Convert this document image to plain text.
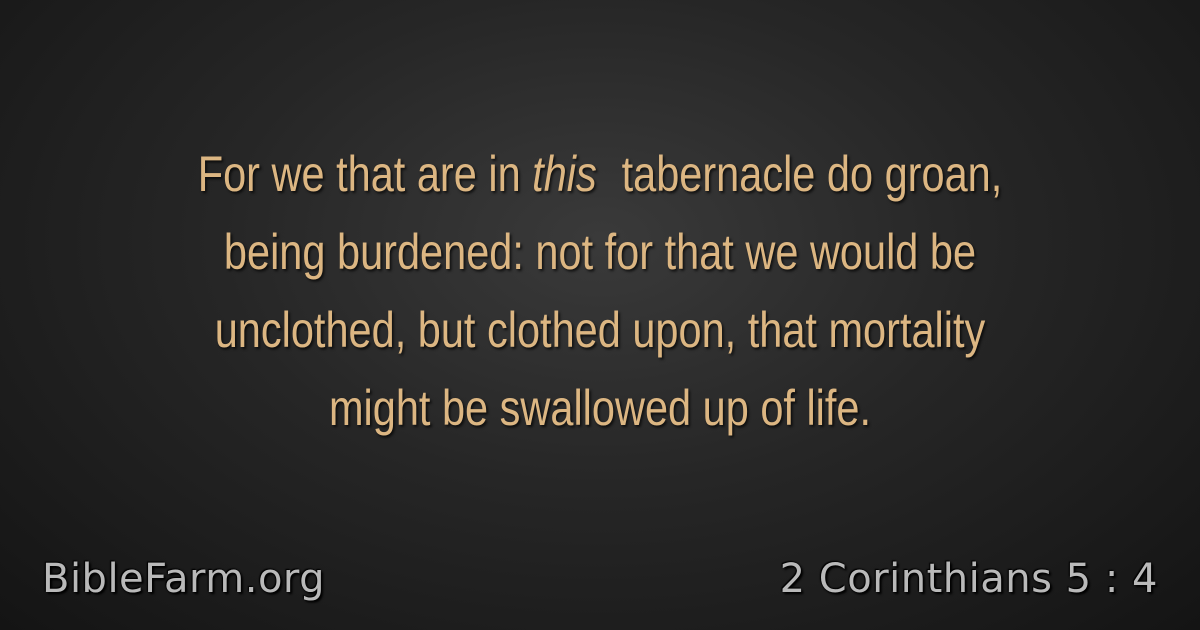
For we that are in this tabernacle do groan,
being burdened: not for that we would be
unclothed, but clothed upon, that mortality
might be swallowed up of life.
BibleFarm.org	2 Corinthians 5 : 4
